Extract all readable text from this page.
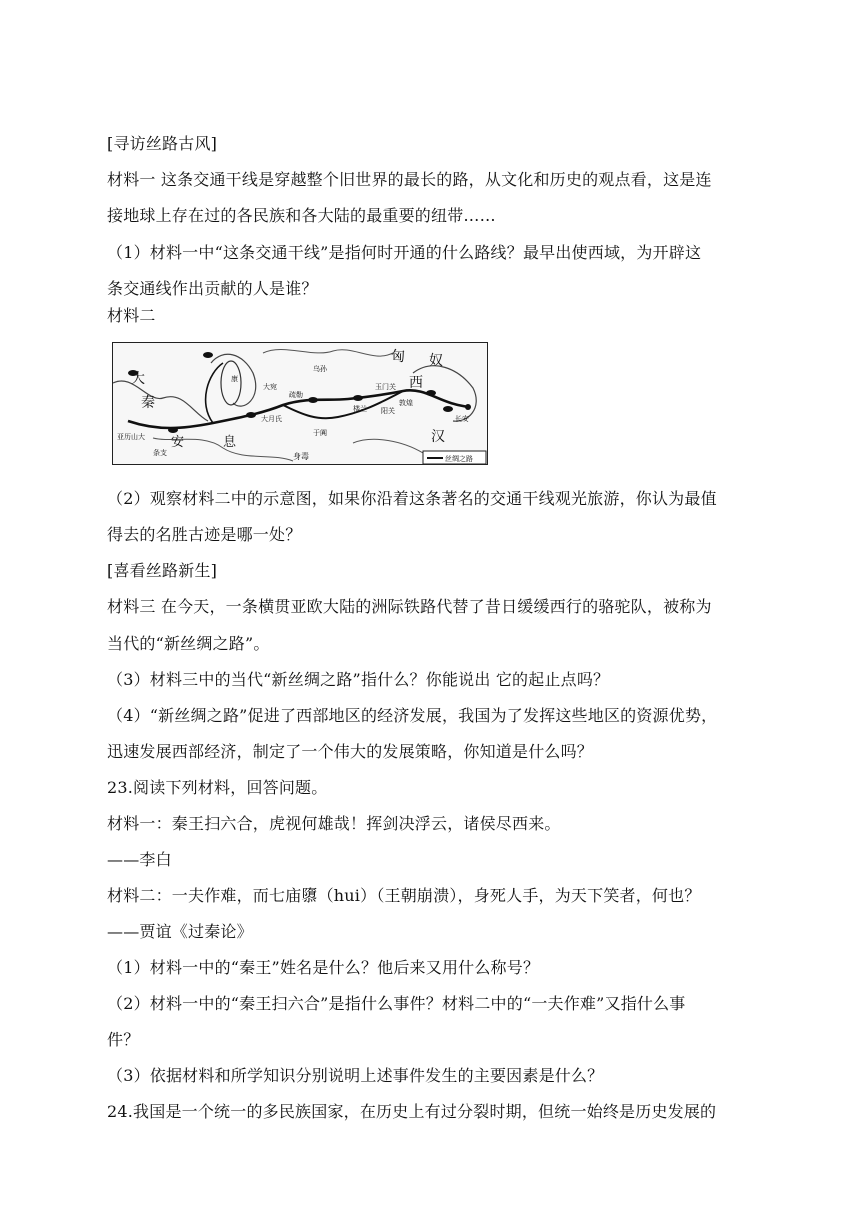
[寻访丝路古风]
材料一 这条交通干线是穿越整个旧世界的最长的路，从文化和历史的观点看，这是连
接地球上存在过的各民族和各大陆的最重要的纽带……
（1）材料一中“这条交通干线”是指何时开通的什么路线？最早出使西域，为开辟这
条交通线作出贡献的人是谁？
材料二
大
秦
安	息
匈 奴
西
汉
玉门关
阳关
长安
大月氏
大宛
康
疏勒
于阗
身毒
条支
亚历山大
楼兰
敦煌
乌孙
丝绸之路
（2）观察材料二中的示意图，如果你沿着这条著名的交通干线观光旅游，你认为最值
得去的名胜古迹是哪一处？
[喜看丝路新生]
材料三 在今天，一条横贯亚欧大陆的洲际铁路代替了昔日缓缓西行的骆驼队，被称为
当代的“新丝绸之路”。
（3）材料三中的当代“新丝绸之路”指什么？你能说出 它的起止点吗？
（4）“新丝绸之路”促进了西部地区的经济发展，我国为了发挥这些地区的资源优势，
迅速发展西部经济，制定了一个伟大的发展策略，你知道是什么吗？
23.阅读下列材料，回答问题。
材料一：秦王扫六合，虎视何雄哉！挥剑决浮云，诸侯尽西来。
——李白
材料二：一夫作难，而七庙隳（hui）（王朝崩溃），身死人手，为天下笑者，何也？
——贾谊《过秦论》
（1）材料一中的“秦王”姓名是什么？他后来又用什么称号？
（2）材料一中的“秦王扫六合”是指什么事件？材料二中的“一夫作难”又指什么事
件？
（3）依据材料和所学知识分别说明上述事件发生的主要因素是什么？
24.我国是一个统一的多民族国家，在历史上有过分裂时期，但统一始终是历史发展的
